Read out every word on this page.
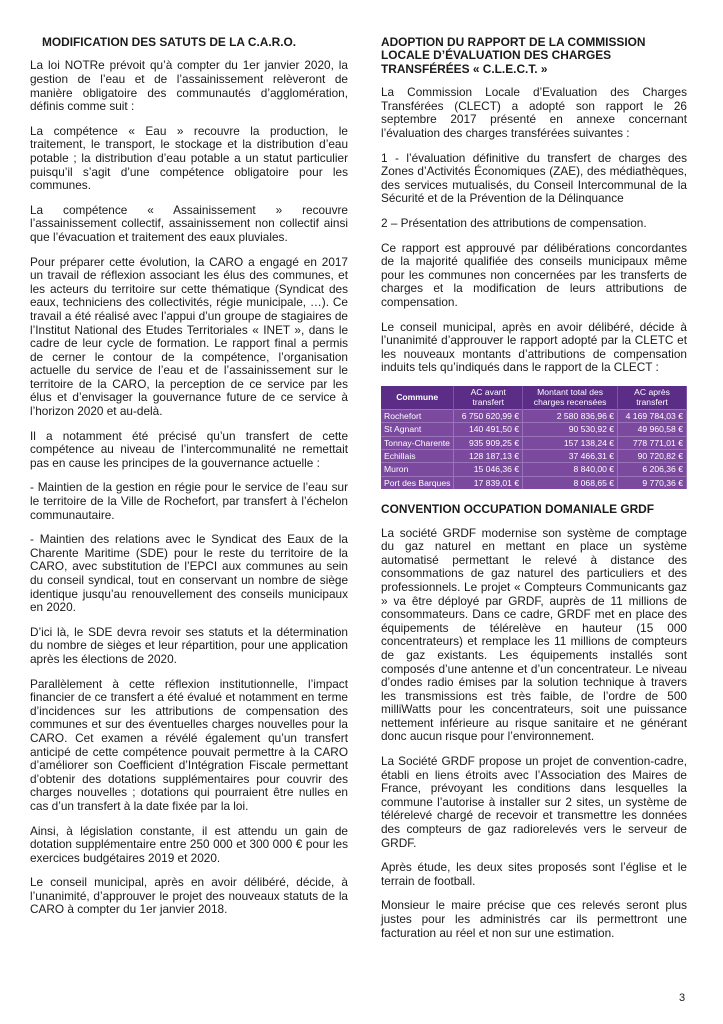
MODIFICATION DES SATUTS DE LA C.A.R.O.

La loi NOTRe prévoit qu’à compter du 1er janvier 2020, la gestion de l’eau et de l’assainissement relèveront de manière obligatoire des communautés d’agglomération, définis comme suit :

La compétence « Eau » recouvre la production, le traitement, le transport, le stockage et la distribution d’eau potable ; la distribution d’eau potable a un statut particulier puisqu’il s’agit d’une compétence obligatoire pour les communes.

La compétence « Assainissement » recouvre l’assainissement collectif, assainissement non collectif ainsi que l’évacuation et traitement des eaux pluviales.

Pour préparer cette évolution, la CARO a engagé en 2017 un travail de réflexion associant les élus des communes, et les acteurs du territoire sur cette thématique (Syndicat des eaux, techniciens des collectivités, régie municipale, …). Ce travail a été réalisé avec l’appui d’un groupe de stagiaires de l’Institut National des Etudes Territoriales « INET », dans le cadre de leur cycle de formation. Le rapport final a permis de cerner le contour de la compétence, l’organisation actuelle du service de l’eau et de l’assainissement sur le territoire de la CARO, la perception de ce service par les élus et d’envisager la gouvernance future de ce service à l’horizon 2020 et au-delà.

Il a notamment été précisé qu’un transfert de cette compétence au niveau de l’intercommunalité ne remettait pas en cause les principes de la gouvernance actuelle :

- Maintien de la gestion en régie pour le service de l’eau sur le territoire de la Ville de Rochefort, par transfert à l’échelon communautaire.

- Maintien des relations avec le Syndicat des Eaux de la Charente Maritime (SDE) pour le reste du territoire de la CARO, avec substitution de l’EPCI aux communes au sein du conseil syndical, tout en conservant un nombre de siège identique jusqu’au renouvellement des conseils municipaux en 2020.

D’ici là, le SDE devra revoir ses statuts et la détermination du nombre de sièges et leur répartition, pour une application après les élections de 2020.

Parallèlement à cette réflexion institutionnelle, l’impact financier de ce transfert a été évalué et notamment en terme d’incidences sur les attributions de compensation des communes et sur des éventuelles charges nouvelles pour la CARO. Cet examen a révélé également qu’un transfert anticipé de cette compétence pouvait permettre à la CARO d’améliorer son Coefficient d’Intégration Fiscale permettant d’obtenir des dotations supplémentaires pour couvrir des charges nouvelles ; dotations qui pourraient être nulles en cas d’un transfert à la date fixée par la loi.

Ainsi, à législation constante, il est attendu un gain de dotation supplémentaire entre 250 000 et 300 000 € pour les exercices budgétaires 2019 et 2020.

Le conseil municipal, après en avoir délibéré, décide, à l’unanimité, d’approuver le projet des nouveaux statuts de la CARO à compter du 1er janvier 2018.

ADOPTION DU RAPPORT DE LA COMMISSION LOCALE D’ÉVALUATION DES CHARGES TRANSFÉRÉES « C.L.E.C.T. »

La Commission Locale d’Evaluation des Charges Transférées (CLECT) a adopté son rapport le 26 septembre 2017 présenté en annexe concernant l’évaluation des charges transférées suivantes :

1 - l’évaluation définitive du transfert de charges des Zones d’Activités Économiques (ZAE), des médiathèques, des services mutualisés, du Conseil Intercommunal de la Sécurité et de la Prévention de la Délinquance

2 – Présentation des attributions de compensation.

Ce rapport est approuvé par délibérations concordantes de la majorité qualifiée des conseils municipaux même pour les communes non concernées par les transferts de charges et la modification de leurs attributions de compensation.

Le conseil municipal, après en avoir délibéré, décide à l’unanimité d’approuver le rapport adopté par la CLETC et les nouveaux montants d’attributions de compensation induits tels qu’indiqués dans le rapport de la CLECT :

Commune	AC avant transfert	Montant total des charges recensées	AC après transfert
Rochefort	6 750 620,99 €	2 580 836,96 €	4 169 784,03 €
St Agnant	140 491,50 €	90 530,92 €	49 960,58 €
Tonnay-Charente	935 909,25 €	157 138,24 €	778 771,01 €
Echillais	128 187,13 €	37 466,31 €	90 720,82 €
Muron	15 046,36 €	8 840,00 €	6 206,36 €
Port des Barques	17 839,01 €	8 068,65 €	9 770,36 €
CONVENTION OCCUPATION DOMANIALE GRDF

La société GRDF modernise son système de comptage du gaz naturel en mettant en place un système automatisé permettant le relevé à distance des consommations de gaz naturel des particuliers et des professionnels. Le projet « Compteurs Communicants gaz » va être déployé par GRDF, auprès de 11 millions de consommateurs. Dans ce cadre, GRDF met en place des équipements de télérelève en hauteur (15 000 concentrateurs) et remplace les 11 millions de compteurs de gaz existants. Les équipements installés sont composés d’une antenne et d’un concentrateur. Le niveau d’ondes radio émises par la solution technique à travers les transmissions est très faible, de l’ordre de 500 milliWatts pour les concentrateurs, soit une puissance nettement inférieure au risque sanitaire et ne générant donc aucun risque pour l’environnement.

La Société GRDF propose un projet de convention-cadre, établi en liens étroits avec l’Association des Maires de France, prévoyant les conditions dans lesquelles la commune l’autorise à installer sur 2 sites, un système de télérelevé chargé de recevoir et transmettre les données des compteurs de gaz radiorelevés vers le serveur de GRDF.

Après étude, les deux sites proposés sont l’église et le terrain de football.

Monsieur le maire précise que ces relevés seront plus justes pour les administrés car ils permettront une facturation au réel et non sur une estimation.

3
